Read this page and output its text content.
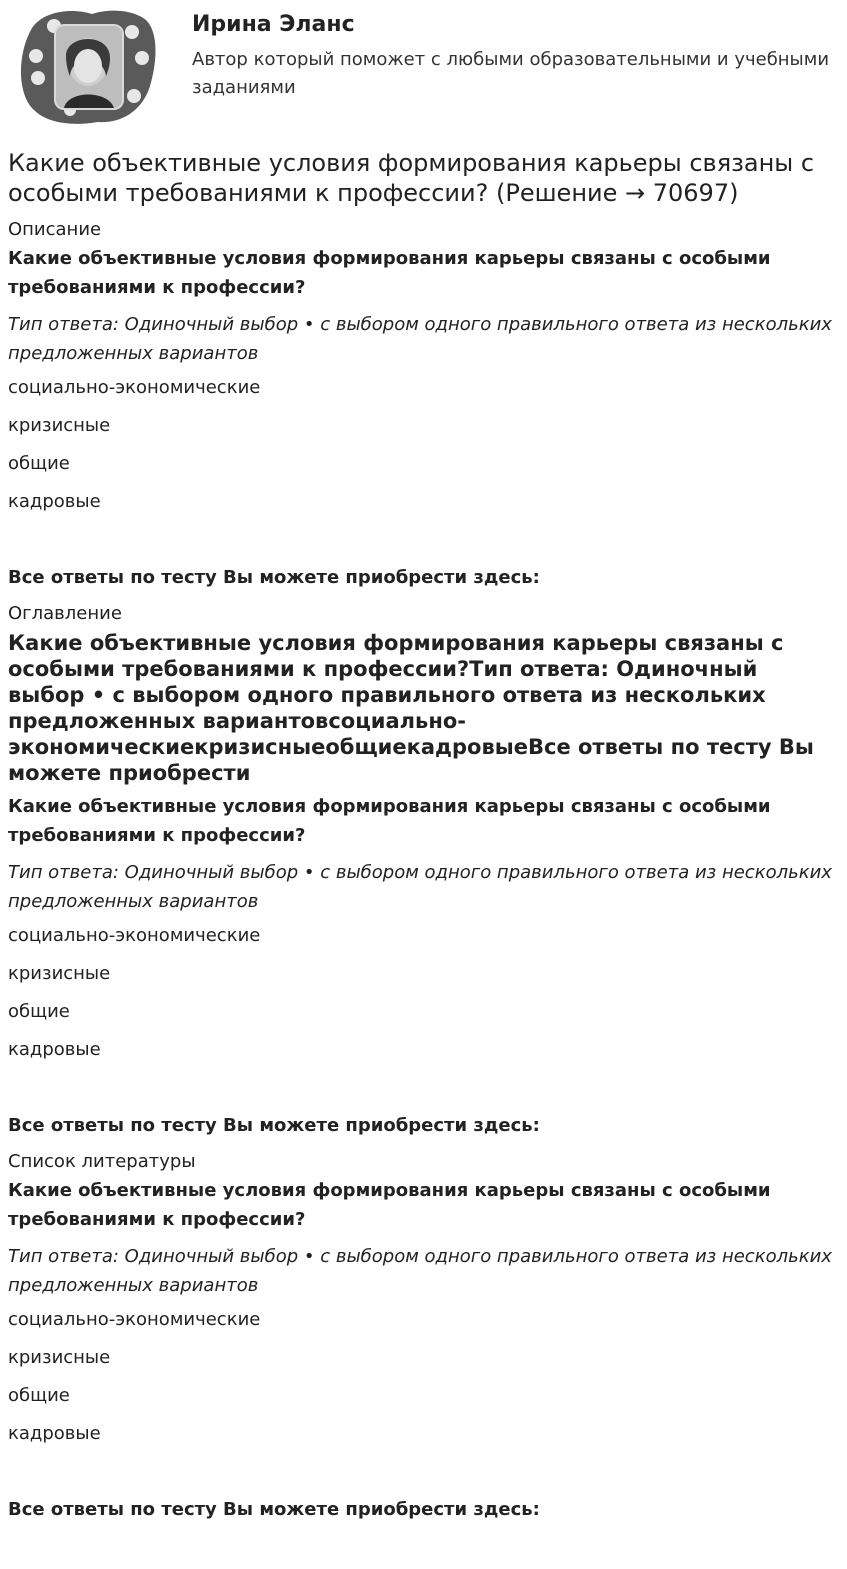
Ирина Эланс
Автор который поможет с любыми образовательными и учебными заданиями
Какие объективные условия формирования карьеры связаны с особыми требованиями к профессии? (Решение → 70697)

Описание

Какие объективные условия формирования карьеры связаны с особыми требованиями к профессии?

Тип ответа: Одиночный выбор • с выбором одного правильного ответа из нескольких предложенных вариантов

социально-экономические

кризисные

общие

кадровые

Все ответы по тесту Вы можете приобрести здесь:

Оглавление

Какие объективные условия формирования карьеры связаны с особыми требованиями к профессии?Тип ответа: Одиночный выбор • с выбором одного правильного ответа из нескольких предложенных вариантовсоциально-экономическиекризисныеобщиекадровыеВсе ответы по тесту Вы можете приобрести

Какие объективные условия формирования карьеры связаны с особыми требованиями к профессии?

Тип ответа: Одиночный выбор • с выбором одного правильного ответа из нескольких предложенных вариантов

социально-экономические

кризисные

общие

кадровые

Все ответы по тесту Вы можете приобрести здесь:

Список литературы

Какие объективные условия формирования карьеры связаны с особыми требованиями к профессии?

Тип ответа: Одиночный выбор • с выбором одного правильного ответа из нескольких предложенных вариантов

социально-экономические

кризисные

общие

кадровые

Все ответы по тесту Вы можете приобрести здесь:
